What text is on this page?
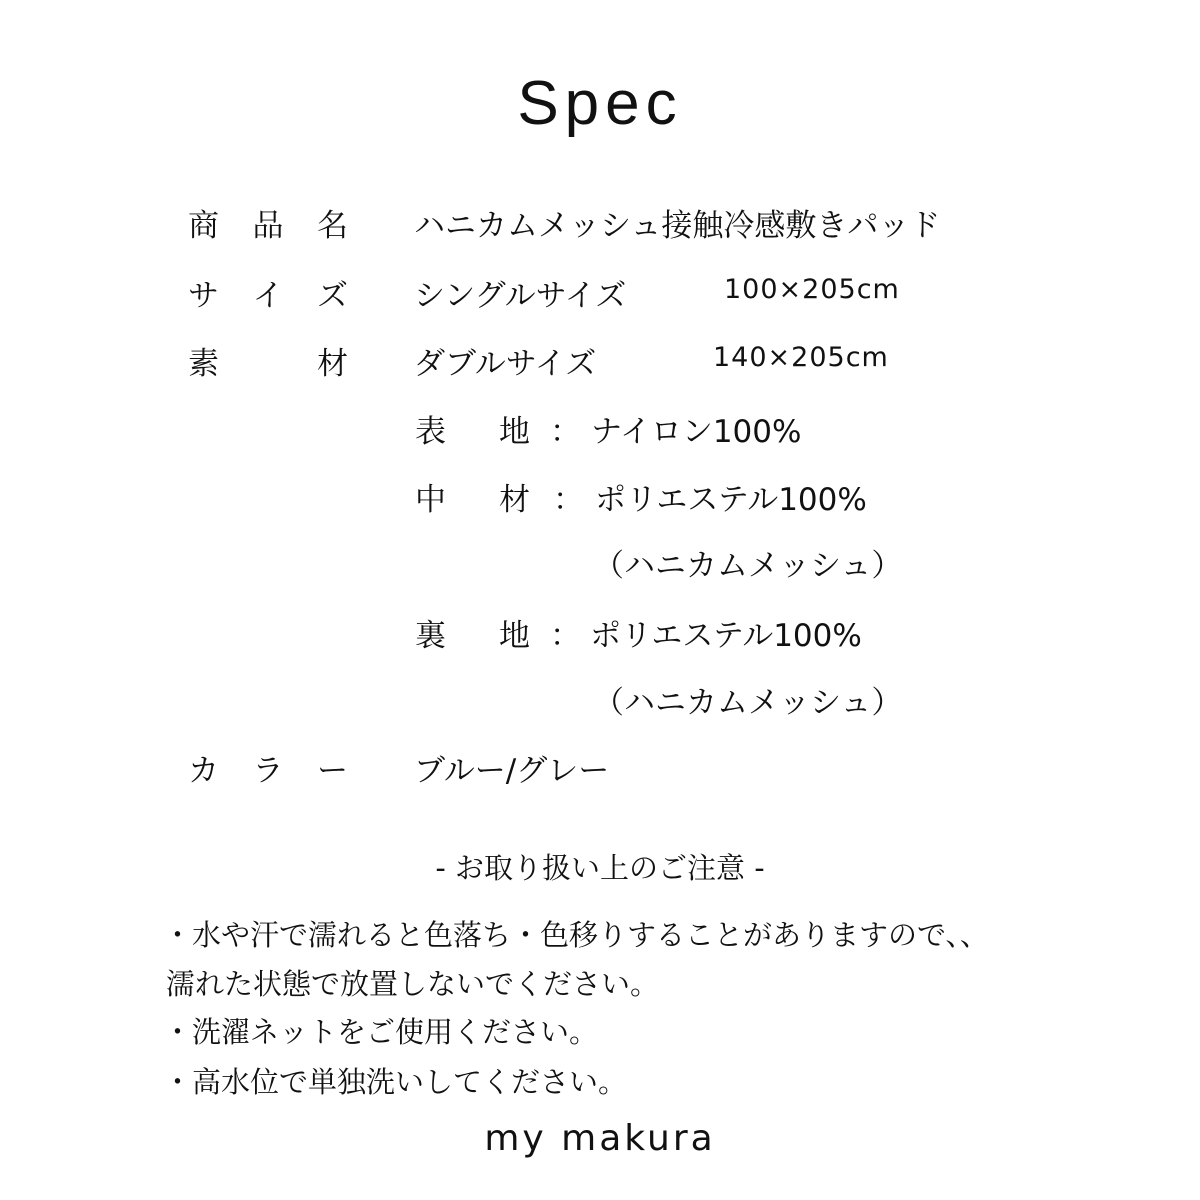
Spec
商 品 名 ハニカムメッシュ接触冷感敷きパッド
サ イ ズ シングルサイズ	100×205cm
素	材 ダブルサイズ	140×205cm
表 地 ： ナイロン100%
中 材 ： ポリエステル100%
（ハニカムメッシュ）
裏 地 ： ポリエステル100%
（ハニカムメッシュ）
カ ラ ー ブルー/グレー
- お取り扱い上のご注意 -
・水や汗で濡れると色落ち・色移りすることがありますので、、
濡れた状態で放置しないでください。
・洗濯ネットをご使用ください。
・高水位で単独洗いしてください。
my makura
